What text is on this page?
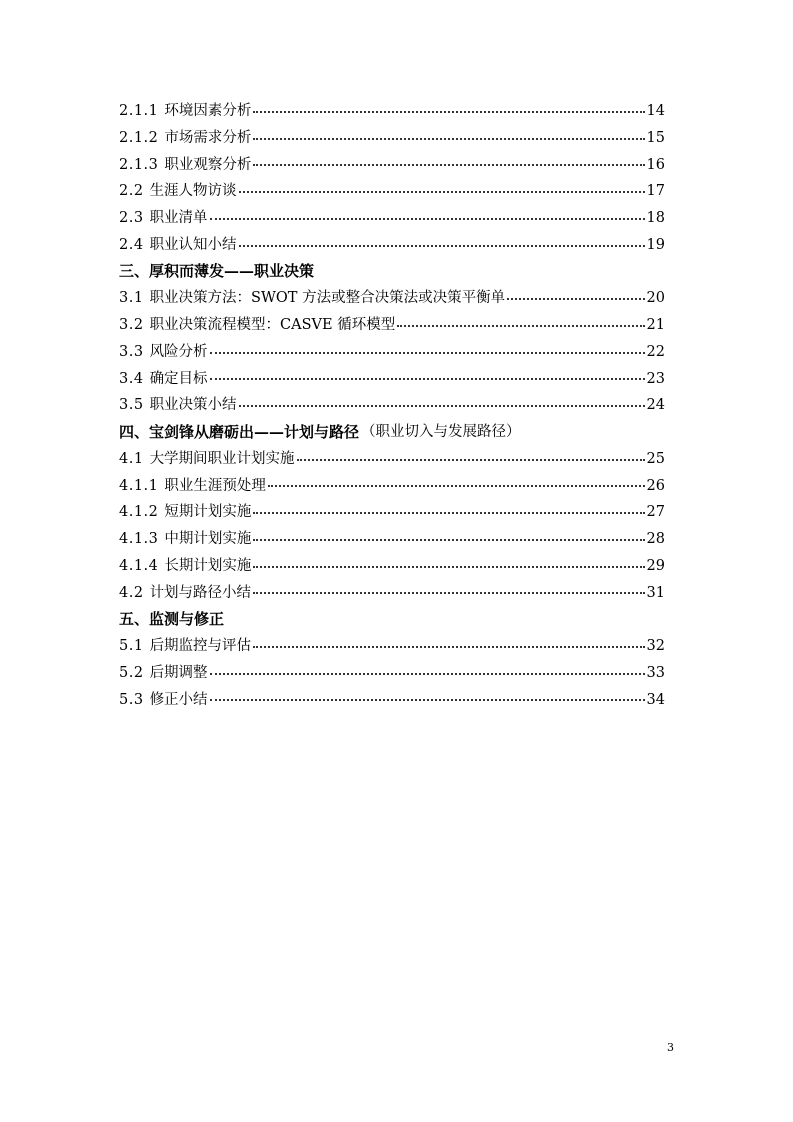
2.1.1 环境因素分析	14
2.1.2 市场需求分析	15
2.1.3 职业观察分析	16
2.2 生涯人物访谈	17
2.3 职业清单	18
2.4 职业认知小结	19
三、厚积而薄发——职业决策
3.1 职业决策方法：SWOT 方法或整合决策法或决策平衡单	20
3.2 职业决策流程模型：CASVE 循环模型	21
3.3 风险分析	22
3.4 确定目标	23
3.5 职业决策小结	24
四、宝剑锋从磨砺出——计划与路径 （职业切入与发展路径）
4.1 大学期间职业计划实施	25
4.1.1 职业生涯预处理	26
4.1.2 短期计划实施	27
4.1.3 中期计划实施	28
4.1.4 长期计划实施	29
4.2 计划与路径小结	31
五、监测与修正
5.1 后期监控与评估	32
5.2 后期调整	33
5.3 修正小结	34
3
